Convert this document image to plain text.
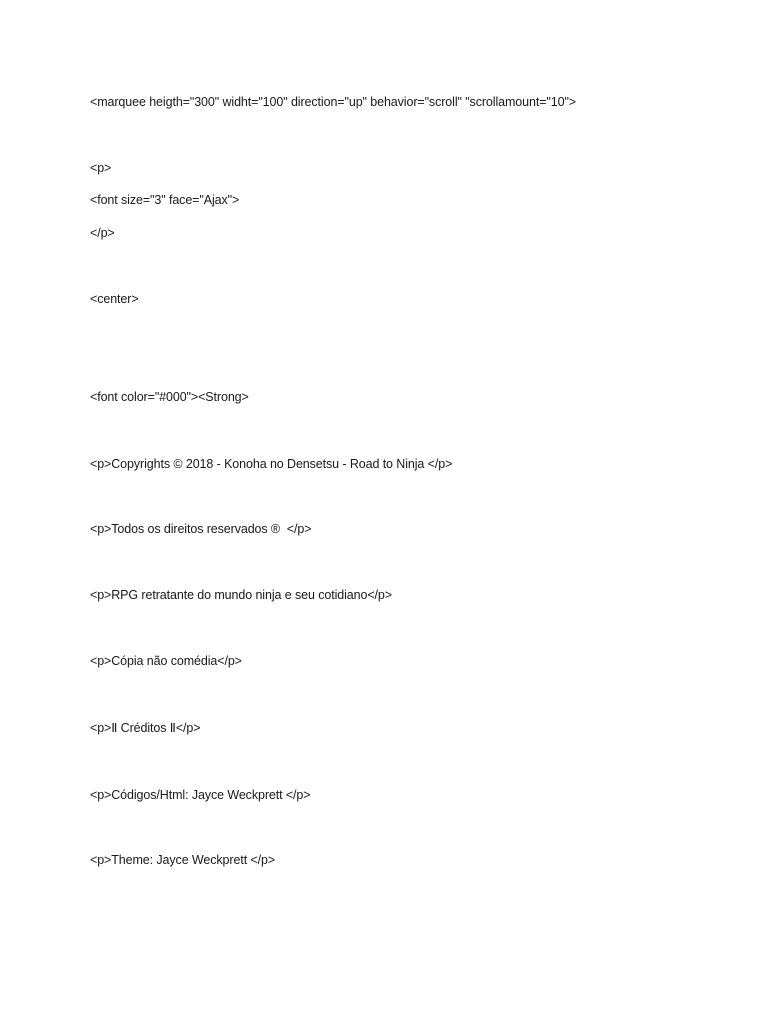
<marquee heigth="300" widht="100" direction="up" behavior="scroll" "scrollamount="10">
<p>
<font size="3" face="Ajax">
</p>
<center>
<font color="#000"><Strong>
<p>Copyrights © 2018 - Konoha no Densetsu - Road to Ninja </p>
<p>Todos os direitos reservados ®  </p>
<p>RPG retratante do mundo ninja e seu cotidiano</p>
<p>Cópia não comédia</p>
<p>Ⅱ Créditos Ⅱ</p>
<p>Códigos/Html: Jayce Weckprett </p>
<p>Theme: Jayce Weckprett </p>
